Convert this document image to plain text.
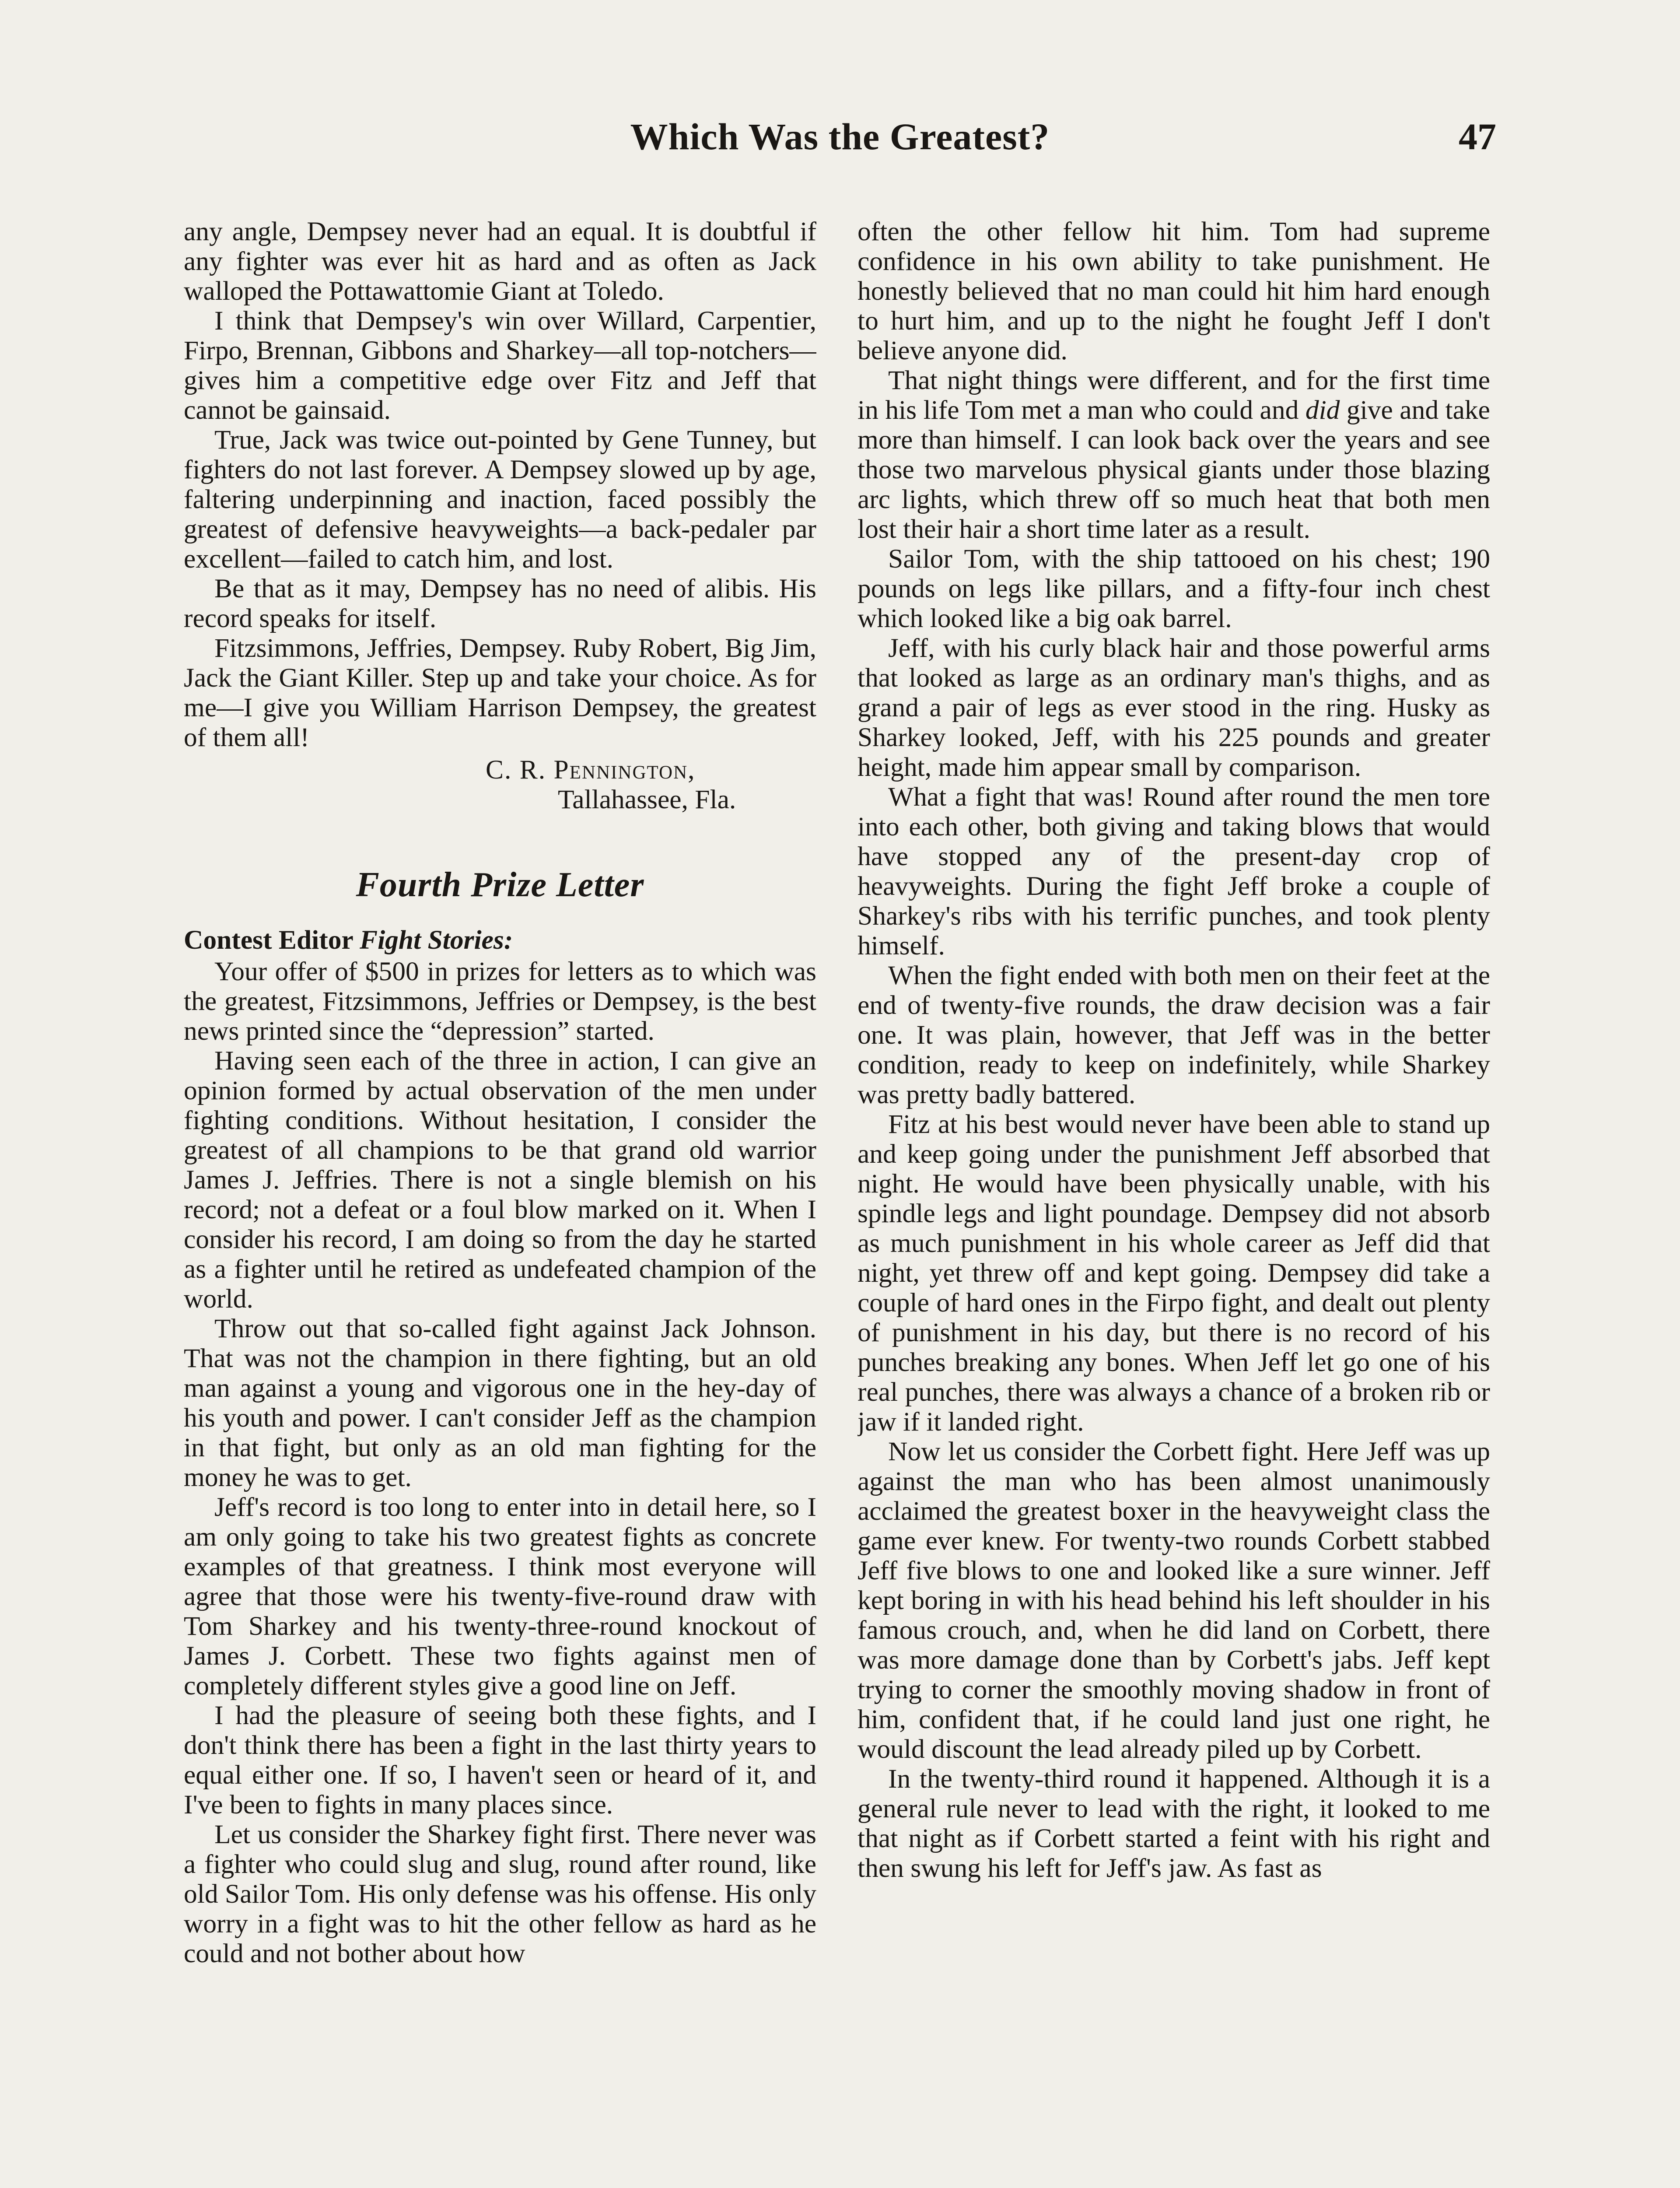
Which Was the Greatest?	47

any angle, Dempsey never had an equal. It is doubtful if any fighter was ever hit as hard and as often as Jack walloped the Pottawattomie Giant at Toledo.

I think that Dempsey's win over Willard, Carpentier, Firpo, Brennan, Gibbons and Sharkey—all top-notchers—gives him a competitive edge over Fitz and Jeff that cannot be gainsaid.

True, Jack was twice out-pointed by Gene Tunney, but fighters do not last forever. A Dempsey slowed up by age, faltering underpinning and inaction, faced possibly the greatest of defensive heavyweights—a back-pedaler par excellent—failed to catch him, and lost.

Be that as it may, Dempsey has no need of alibis. His record speaks for itself.

Fitzsimmons, Jeffries, Dempsey. Ruby Robert, Big Jim, Jack the Giant Killer. Step up and take your choice. As for me—I give you William Harrison Dempsey, the greatest of them all!

C. R. Pennington,
Tallahassee, Fla.
Fourth Prize Letter
Contest Editor Fight Stories:

Your offer of $500 in prizes for letters as to which was the greatest, Fitzsimmons, Jeffries or Dempsey, is the best news printed since the “depression” started.

Having seen each of the three in action, I can give an opinion formed by actual observation of the men under fighting conditions. Without hesitation, I consider the greatest of all champions to be that grand old warrior James J. Jeffries. There is not a single blemish on his record; not a defeat or a foul blow marked on it. When I consider his record, I am doing so from the day he started as a fighter until he retired as undefeated champion of the world.

Throw out that so-called fight against Jack Johnson. That was not the champion in there fighting, but an old man against a young and vigorous one in the hey-day of his youth and power. I can't consider Jeff as the champion in that fight, but only as an old man fighting for the money he was to get.

Jeff's record is too long to enter into in detail here, so I am only going to take his two greatest fights as concrete examples of that greatness. I think most everyone will agree that those were his twenty-five-round draw with Tom Sharkey and his twenty-three-round knockout of James J. Corbett. These two fights against men of completely different styles give a good line on Jeff.

I had the pleasure of seeing both these fights, and I don't think there has been a fight in the last thirty years to equal either one. If so, I haven't seen or heard of it, and I've been to fights in many places since.

Let us consider the Sharkey fight first. There never was a fighter who could slug and slug, round after round, like old Sailor Tom. His only defense was his offense. His only worry in a fight was to hit the other fellow as hard as he could and not bother about how

often the other fellow hit him. Tom had supreme confidence in his own ability to take punishment. He honestly believed that no man could hit him hard enough to hurt him, and up to the night he fought Jeff I don't believe anyone did.

That night things were different, and for the first time in his life Tom met a man who could and did give and take more than himself. I can look back over the years and see those two marvelous physical giants under those blazing arc lights, which threw off so much heat that both men lost their hair a short time later as a result.

Sailor Tom, with the ship tattooed on his chest; 190 pounds on legs like pillars, and a fifty-four inch chest which looked like a big oak barrel.

Jeff, with his curly black hair and those powerful arms that looked as large as an ordinary man's thighs, and as grand a pair of legs as ever stood in the ring. Husky as Sharkey looked, Jeff, with his 225 pounds and greater height, made him appear small by comparison.

What a fight that was! Round after round the men tore into each other, both giving and taking blows that would have stopped any of the present-day crop of heavyweights. During the fight Jeff broke a couple of Sharkey's ribs with his terrific punches, and took plenty himself.

When the fight ended with both men on their feet at the end of twenty-five rounds, the draw decision was a fair one. It was plain, however, that Jeff was in the better condition, ready to keep on indefinitely, while Sharkey was pretty badly battered.

Fitz at his best would never have been able to stand up and keep going under the punishment Jeff absorbed that night. He would have been physically unable, with his spindle legs and light poundage. Dempsey did not absorb as much punishment in his whole career as Jeff did that night, yet threw off and kept going. Dempsey did take a couple of hard ones in the Firpo fight, and dealt out plenty of punishment in his day, but there is no record of his punches breaking any bones. When Jeff let go one of his real punches, there was always a chance of a broken rib or jaw if it landed right.

Now let us consider the Corbett fight. Here Jeff was up against the man who has been almost unanimously acclaimed the greatest boxer in the heavyweight class the game ever knew. For twenty-two rounds Corbett stabbed Jeff five blows to one and looked like a sure winner. Jeff kept boring in with his head behind his left shoulder in his famous crouch, and, when he did land on Corbett, there was more damage done than by Corbett's jabs. Jeff kept trying to corner the smoothly moving shadow in front of him, confident that, if he could land just one right, he would discount the lead already piled up by Corbett.

In the twenty-third round it happened. Although it is a general rule never to lead with the right, it looked to me that night as if Corbett started a feint with his right and then swung his left for Jeff's jaw. As fast as
